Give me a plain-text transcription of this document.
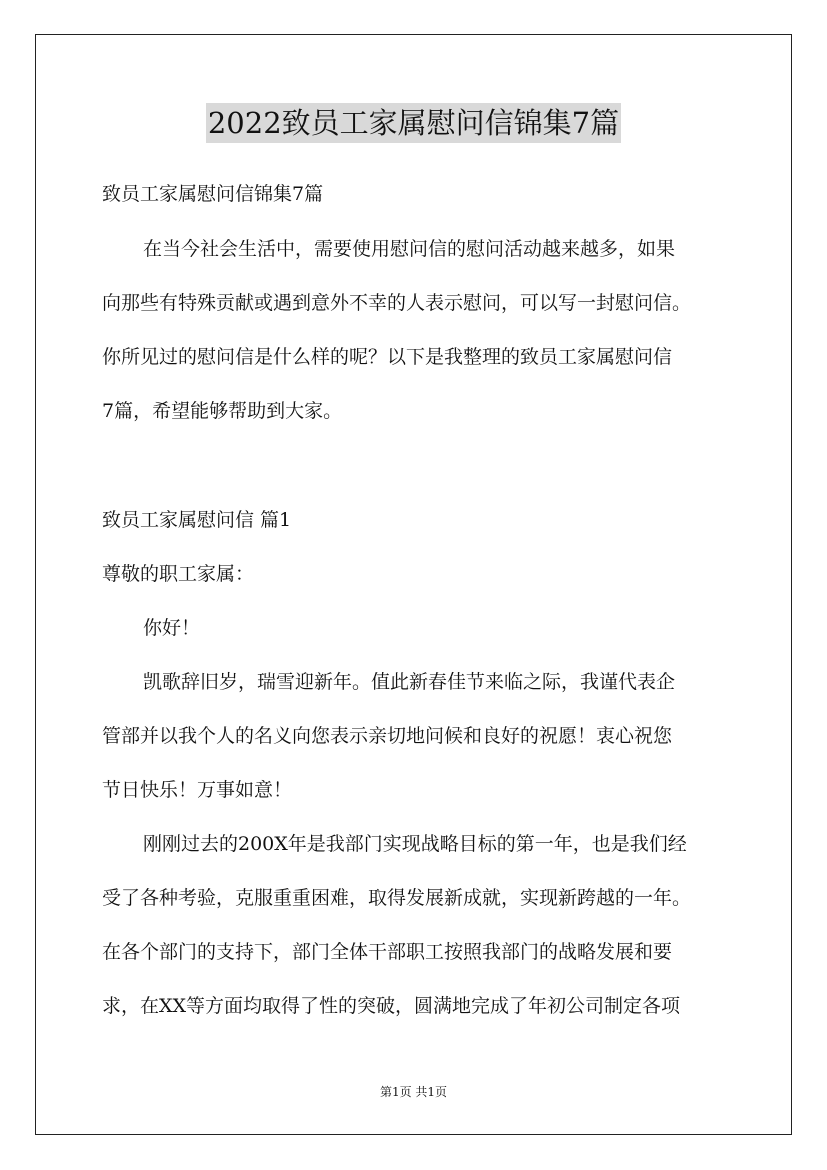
2022致员工家属慰问信锦集7篇
致员工家属慰问信锦集7篇
在当今社会生活中，需要使用慰问信的慰问活动越来越多，如果
向那些有特殊贡献或遇到意外不幸的人表示慰问，可以写一封慰问信。
你所见过的慰问信是什么样的呢？以下是我整理的致员工家属慰问信
7篇，希望能够帮助到大家。
致员工家属慰问信 篇1
尊敬的职工家属：
你好！
凯歌辞旧岁，瑞雪迎新年。值此新春佳节来临之际，我谨代表企
管部并以我个人的名义向您表示亲切地问候和良好的祝愿！衷心祝您
节日快乐！万事如意！
刚刚过去的200X年是我部门实现战略目标的第一年，也是我们经
受了各种考验，克服重重困难，取得发展新成就，实现新跨越的一年。
在各个部门的支持下，部门全体干部职工按照我部门的战略发展和要
求，在XX等方面均取得了性的突破，圆满地完成了年初公司制定各项
第1页 共1页
